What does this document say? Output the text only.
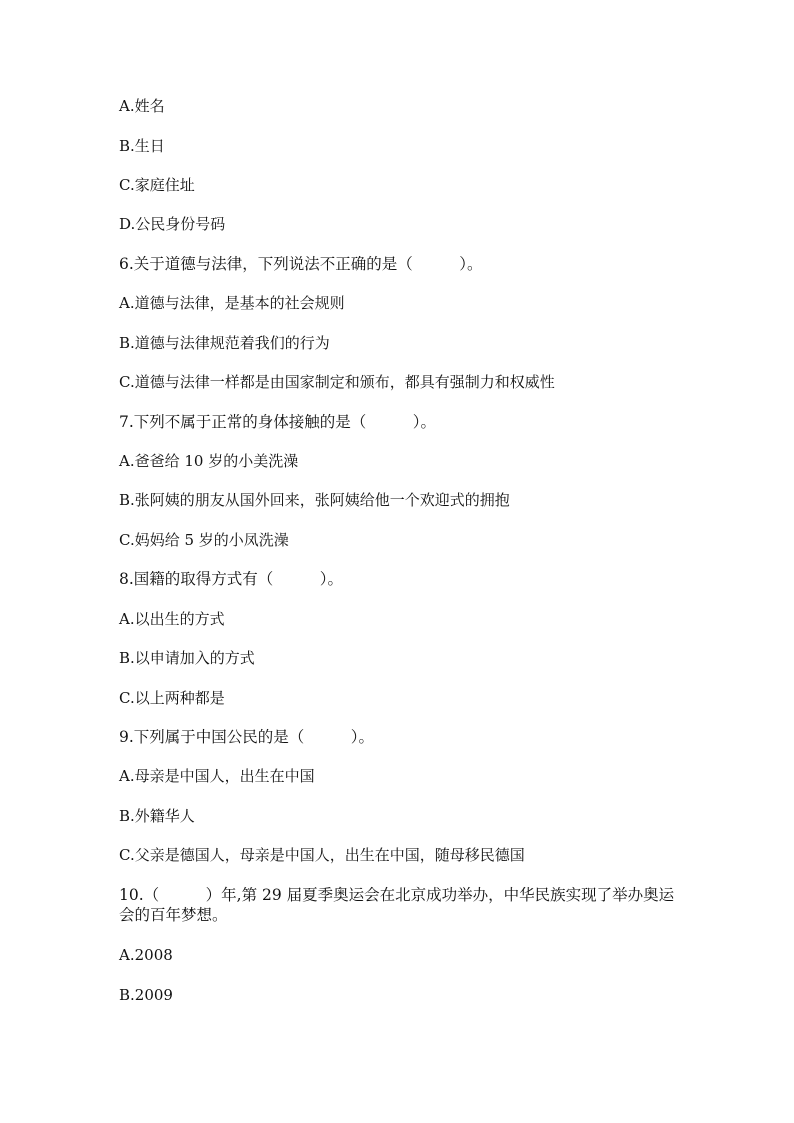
A.姓名
B.生日
C.家庭住址
D.公民身份号码
6.关于道德与法律，下列说法不正确的是（　　　）。
A.道德与法律，是基本的社会规则
B.道德与法律规范着我们的行为
C.道德与法律一样都是由国家制定和颁布，都具有强制力和权威性
7.下列不属于正常的身体接触的是（　　　）。
A.爸爸给 10 岁的小美洗澡
B.张阿姨的朋友从国外回来，张阿姨给他一个欢迎式的拥抱
C.妈妈给 5 岁的小凤洗澡
8.国籍的取得方式有（　　　）。
A.以出生的方式
B.以申请加入的方式
C.以上两种都是
9.下列属于中国公民的是（　　　）。
A.母亲是中国人，出生在中国
B.外籍华人
C.父亲是德国人，母亲是中国人，出生在中国，随母移民德国
10.（　　　）年,第 29 届夏季奥运会在北京成功举办，中华民族实现了举办奥运会的百年梦想。
A.2008
B.2009
